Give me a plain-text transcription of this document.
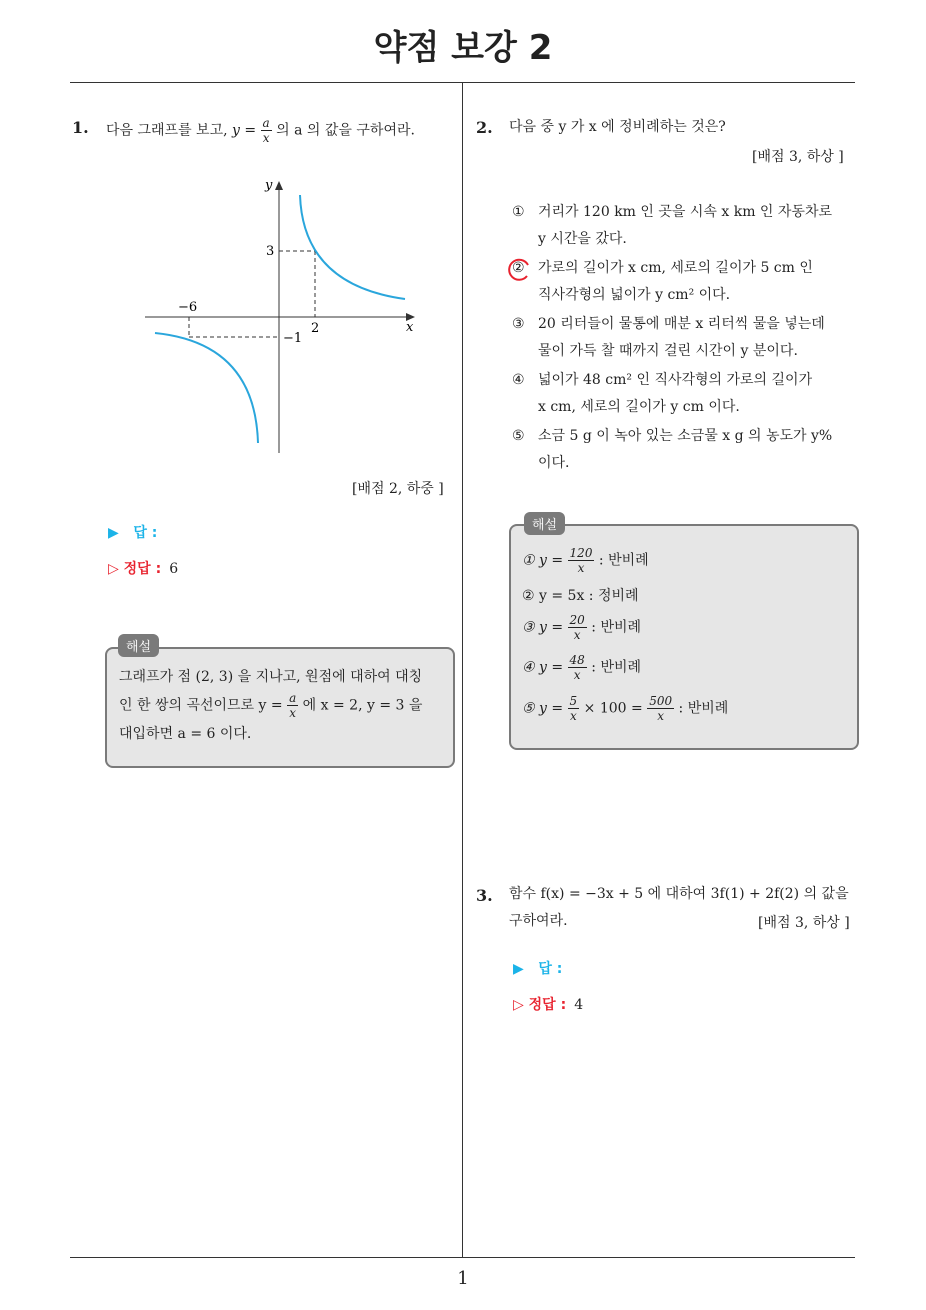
약점 보강 2
1
1. 다음 그래프를 보고, $y = \frac{a}{x}$ 의 a 의 값을 구하여라.
y
x
3
2
−6
−1
[배점 2, 하중 ]
▶ 답 :
▷ 정답 : 6
해설
그래프가 점 (2, 3) 을 지나고, 원점에 대하여 대칭
인 한 쌍의 곡선이므로 $y = \frac{a}{x}$ 에 x = 2, y = 3 을
대입하면 a = 6 이다.
2. 다음 중 y 가 x 에 정비례하는 것은?
[배점 3, 하상 ]
① 거리가 120 km 인 곳을 시속 x km 인 자동차로
y 시간을 갔다.
② 가로의 길이가 x cm, 세로의 길이가 5 cm 인
직사각형의 넓이가 y cm² 이다.
③ 20 리터들이 물통에 매분 x 리터씩 물을 넣는데
물이 가득 찰 때까지 걸린 시간이 y 분이다.
④ 넓이가 48 cm² 인 직사각형의 가로의 길이가
x cm, 세로의 길이가 y cm 이다.
⑤ 소금 5 g 이 녹아 있는 소금물 x g 의 농도가 y%
이다.
해설
① $y = \frac{120}{x}$ : 반비례
② y = 5x : 정비례
③ $y = \frac{20}{x}$ : 반비례
④ $y = \frac{48}{x}$ : 반비례
⑤ $y = \frac{5}{x} \times 100 = \frac{500}{x}$ : 반비례
3. 함수 f(x) = −3x + 5 에 대하여 3f(1) + 2f(2) 의 값을
구하여라.	[배점 3, 하상 ]
▶ 답 :
▷ 정답 : 4
